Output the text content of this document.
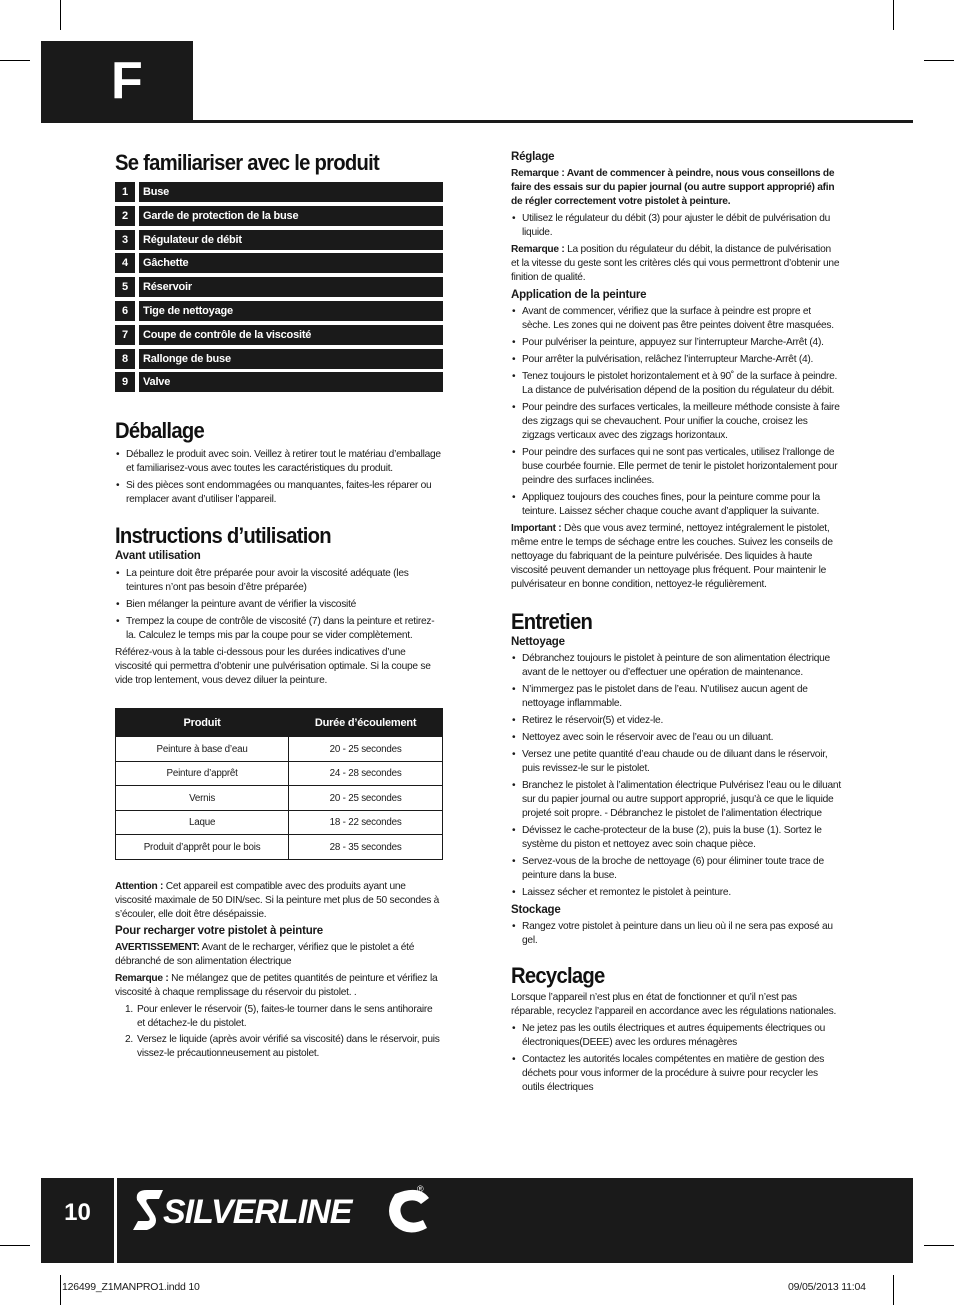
F
Se familiariser avec le produit
1	Buse
2	Garde de protection de la buse
3	Régulateur de débit
4	Gâchette
5	Réservoir
6	Tige de nettoyage
7	Coupe de contrôle de la viscosité
8	Rallonge de buse
9	Valve
Déballage
• Déballez le produit avec soin. Veillez à retirer tout le matériau d’emballage et familiarisez-vous avec toutes les caractéristiques du produit.
• Si des pièces sont endommagées ou manquantes, faites-les réparer ou remplacer avant d’utiliser l’appareil.
Instructions d’utilisation
Avant utilisation
• La peinture doit être préparée pour avoir la viscosité adéquate (les teintures n’ont pas besoin d’être préparée)
• Bien mélanger la peinture avant de vérifier la viscosité
• Trempez la coupe de contrôle de viscosité (7) dans la peinture et retirez-la. Calculez le temps mis par la coupe pour se vider complètement.

Référez-vous à la table ci-dessous pour les durées indicatives d’une viscosité qui permettra d’obtenir une pulvérisation optimale. Si la coupe se vide trop lentement, vous devez diluer la peinture.

Produit	Durée d’écoulement
Peinture à base d’eau	20 - 25 secondes
Peinture d’apprêt	24 - 28 secondes
Vernis	20 - 25 secondes
Laque	18 - 22 secondes
Produit d’apprêt pour le bois	28 - 35 secondes

Attention : Cet appareil est compatible avec des produits ayant une viscosité maximale de 50 DIN/sec. Si la peinture met plus de 50 secondes à s’écouler, elle doit être désépaissie.

Pour recharger votre pistolet à peinture

AVERTISSEMENT: Avant de le recharger, vérifiez que le pistolet a été débranché de son alimentation électrique

Remarque : Ne mélangez que de petites quantités de peinture et vérifiez la viscosité à chaque remplissage du réservoir du pistolet. .

1. Pour enlever le réservoir (5), faites-le tourner dans le sens antihoraire et détachez-le du pistolet.
2. Versez le liquide (après avoir vérifié sa viscosité) dans le réservoir, puis vissez-le précautionneusement au pistolet.
Réglage

Remarque : Avant de commencer à peindre, nous vous conseillons de faire des essais sur du papier journal (ou autre support approprié) afin de régler correctement votre pistolet à peinture.

• Utilisez le régulateur du débit (3) pour ajuster le débit de pulvérisation du liquide.

Remarque : La position du régulateur du débit, la distance de pulvérisation et la vitesse du geste sont les critères clés qui vous permettront d’obtenir une finition de qualité.

Application de la peinture
• Avant de commencer, vérifiez que la surface à peindre est propre et sèche. Les zones qui ne doivent pas être peintes doivent être masquées.
• Pour pulvériser la peinture, appuyez sur l’interrupteur Marche-Arrêt (4).
• Pour arrêter la pulvérisation, relâchez l’interrupteur Marche-Arrêt (4).
• Tenez toujours le pistolet horizontalement et à 90˚ de la surface à peindre. La distance de pulvérisation dépend de la position du régulateur du débit.
• Pour peindre des surfaces verticales, la meilleure méthode consiste à faire des zigzags qui se chevauchent. Pour unifier la couche, croisez les zigzags verticaux avec des zigzags horizontaux.
• Pour peindre des surfaces qui ne sont pas verticales, utilisez l’rallonge de buse courbée fournie. Elle permet de tenir le pistolet horizontalement pour peindre des surfaces inclinées.
• Appliquez toujours des couches fines, pour la peinture comme pour la teinture. Laissez sécher chaque couche avant d’appliquer la suivante.

Important : Dès que vous avez terminé, nettoyez intégralement le pistolet, même entre le temps de séchage entre les couches. Suivez les conseils de nettoyage du fabriquant de la peinture pulvérisée. Des liquides à haute viscosité peuvent demander un nettoyage plus fréquent. Pour maintenir le pulvérisateur en bonne condition, nettoyez-le régulièrement.

Entretien
Nettoyage
• Débranchez toujours le pistolet à peinture de son alimentation électrique avant de le nettoyer ou d’effectuer une opération de maintenance.
• N’immergez pas le pistolet dans de l’eau. N’utilisez aucun agent de nettoyage inflammable.
• Retirez le réservoir(5) et videz-le.
• Nettoyez avec soin le réservoir avec de l’eau ou un diluant.
• Versez une petite quantité d’eau chaude ou de diluant dans le réservoir, puis revissez-le sur le pistolet.
• Branchez le pistolet à l’alimentation électrique Pulvérisez l’eau ou le diluant sur du papier journal ou autre support approprié, jusqu’à ce que le liquide projeté soit propre. - Débranchez le pistolet de l’alimentation électrique
• Dévissez le cache-protecteur de la buse (2), puis la buse (1). Sortez le système du piston et nettoyez avec soin chaque pièce.
• Servez-vous de la broche de nettoyage (6) pour éliminer toute trace de peinture dans la buse.
• Laissez sécher et remontez le pistolet à peinture.
Stockage
• Rangez votre pistolet à peinture dans un lieu où il ne sera pas exposé au gel.
Recyclage

Lorsque l’appareil n’est plus en état de fonctionner et qu’il n’est pas réparable, recyclez l’appareil en accordance avec les régulations nationales.

• Ne jetez pas les outils électriques et autres équipements électriques ou électroniques(DEEE) avec les ordures ménagères
• Contactez les autorités locales compétentes en matière de gestion des déchets pour vous informer de la procédure à suivre pour recycler les outils électriques
10	SILVERLINE
®
126499_Z1MANPRO1.indd 10	09/05/2013 11:04
